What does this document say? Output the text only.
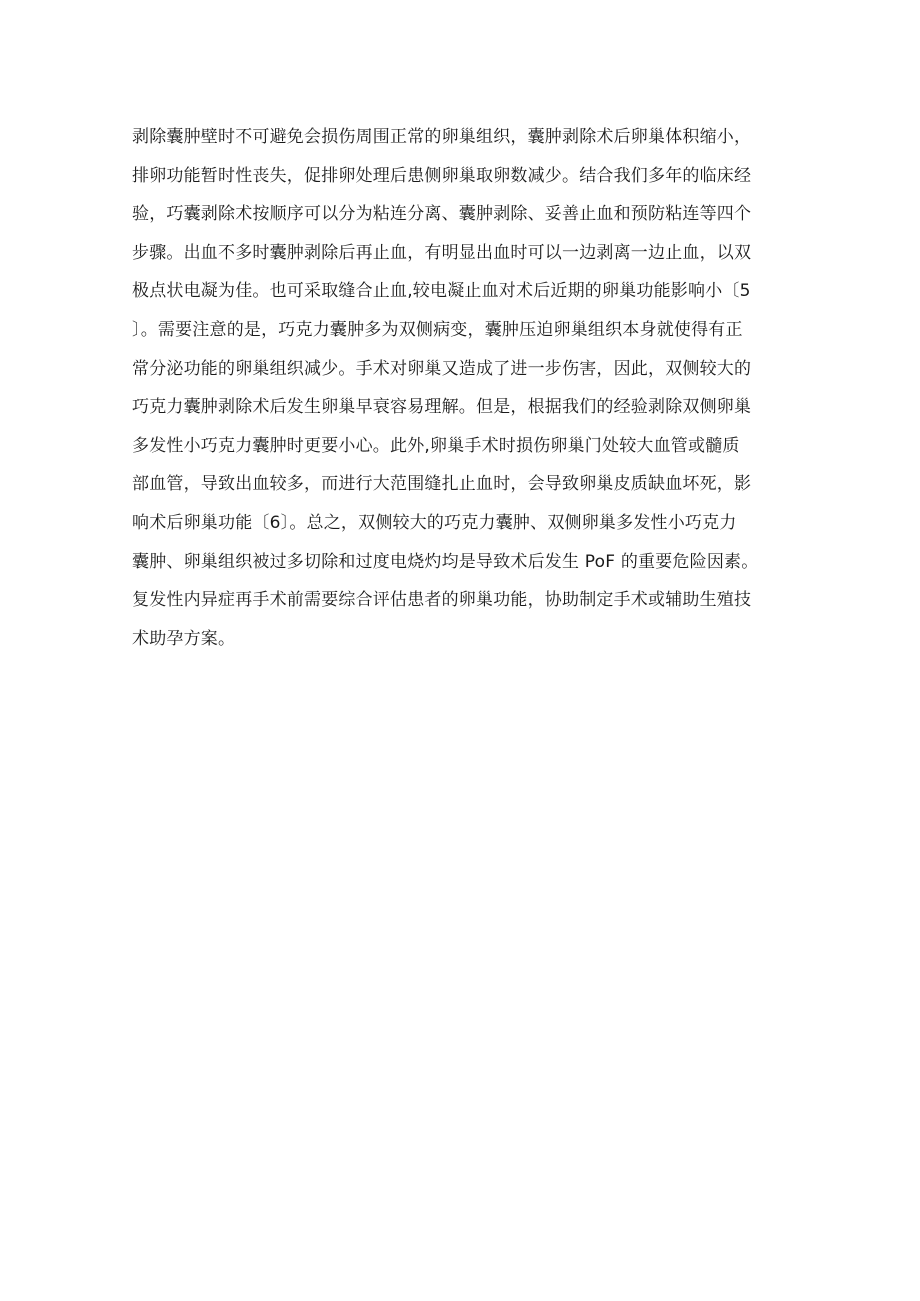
剥除囊肿壁时不可避免会损伤周围正常的卵巢组织，囊肿剥除术后卵巢体积缩小，
排卵功能暂时性丧失，促排卵处理后患侧卵巢取卵数减少。结合我们多年的临床经
验，巧囊剥除术按顺序可以分为粘连分离、囊肿剥除、妥善止血和预防粘连等四个
步骤。出血不多时囊肿剥除后再止血，有明显出血时可以一边剥离一边止血，以双
极点状电凝为佳。也可采取缝合止血,较电凝止血对术后近期的卵巢功能影响小〔5
〕。需要注意的是，巧克力囊肿多为双侧病变，囊肿压迫卵巢组织本身就使得有正
常分泌功能的卵巢组织减少。手术对卵巢又造成了进一步伤害，因此，双侧较大的
巧克力囊肿剥除术后发生卵巢早衰容易理解。但是，根据我们的经验剥除双侧卵巢
多发性小巧克力囊肿时更要小心。此外,卵巢手术时损伤卵巢门处较大血管或髓质
部血管，导致出血较多，而进行大范围缝扎止血时，会导致卵巢皮质缺血坏死，影
响术后卵巢功能〔6〕。总之，双侧较大的巧克力囊肿、双侧卵巢多发性小巧克力
囊肿、卵巢组织被过多切除和过度电烧灼均是导致术后发生 PoF 的重要危险因素。
复发性内异症再手术前需要综合评估患者的卵巢功能，协助制定手术或辅助生殖技
术助孕方案。
